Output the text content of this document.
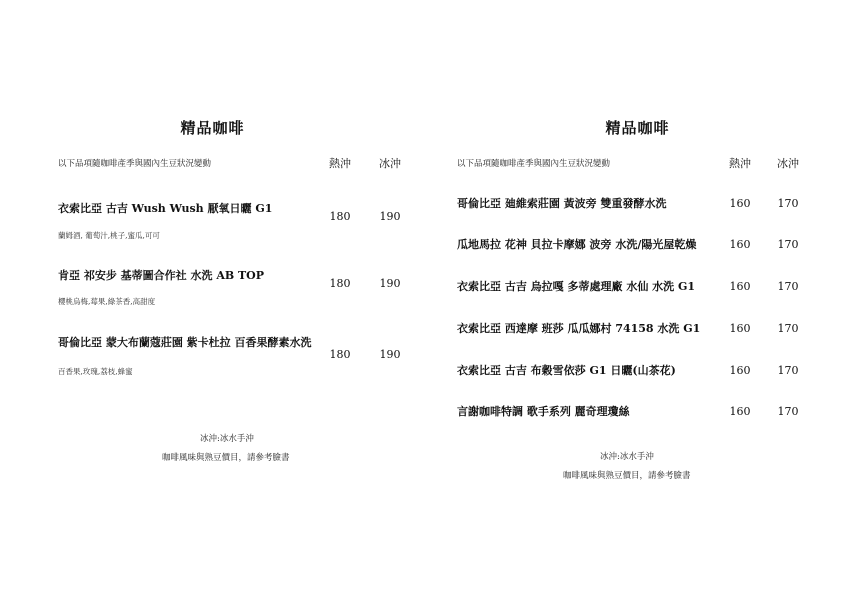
精品咖啡
以下品項隨咖啡產季與國內生豆狀況變動	熱沖	冰沖
衣索比亞 古吉 Wush Wush 厭氧日曬 G1
蘭姆酒, 葡萄汁,桃子,蜜瓜,可可
180	190
肯亞 祁安步 基蒂圖合作社 水洗 AB TOP
櫻桃烏梅,莓果,綠茶香,高甜度
180	190
哥倫比亞 蒙大布蘭蔻莊園 紫卡杜拉 百香果酵素水洗
百香果,玫瑰,荔枝,蜂蜜
180	190
冰沖:冰水手沖
咖啡風味與熟豆價目，請參考臉書
精品咖啡
以下品項隨咖啡產季與國內生豆狀況變動	熱沖	冰沖
哥倫比亞 廸維索莊園 黃波旁 雙重發酵水洗	160	170
瓜地馬拉 花神 貝拉卡摩娜 波旁 水洗/陽光屋乾燥	160	170
衣索比亞 古吉 烏拉嘎 多蒂處理廠 水仙 水洗 G1	160	170
衣索比亞 西達摩 班莎 瓜瓜娜村 74158 水洗 G1	160	170
衣索比亞 古吉 布穀雪依莎 G1 日曬(山茶花)	160	170
言謝咖啡特調 歌手系列 麗奇理瓊絲	160	170
冰沖:冰水手沖
咖啡風味與熟豆價目，請參考臉書
